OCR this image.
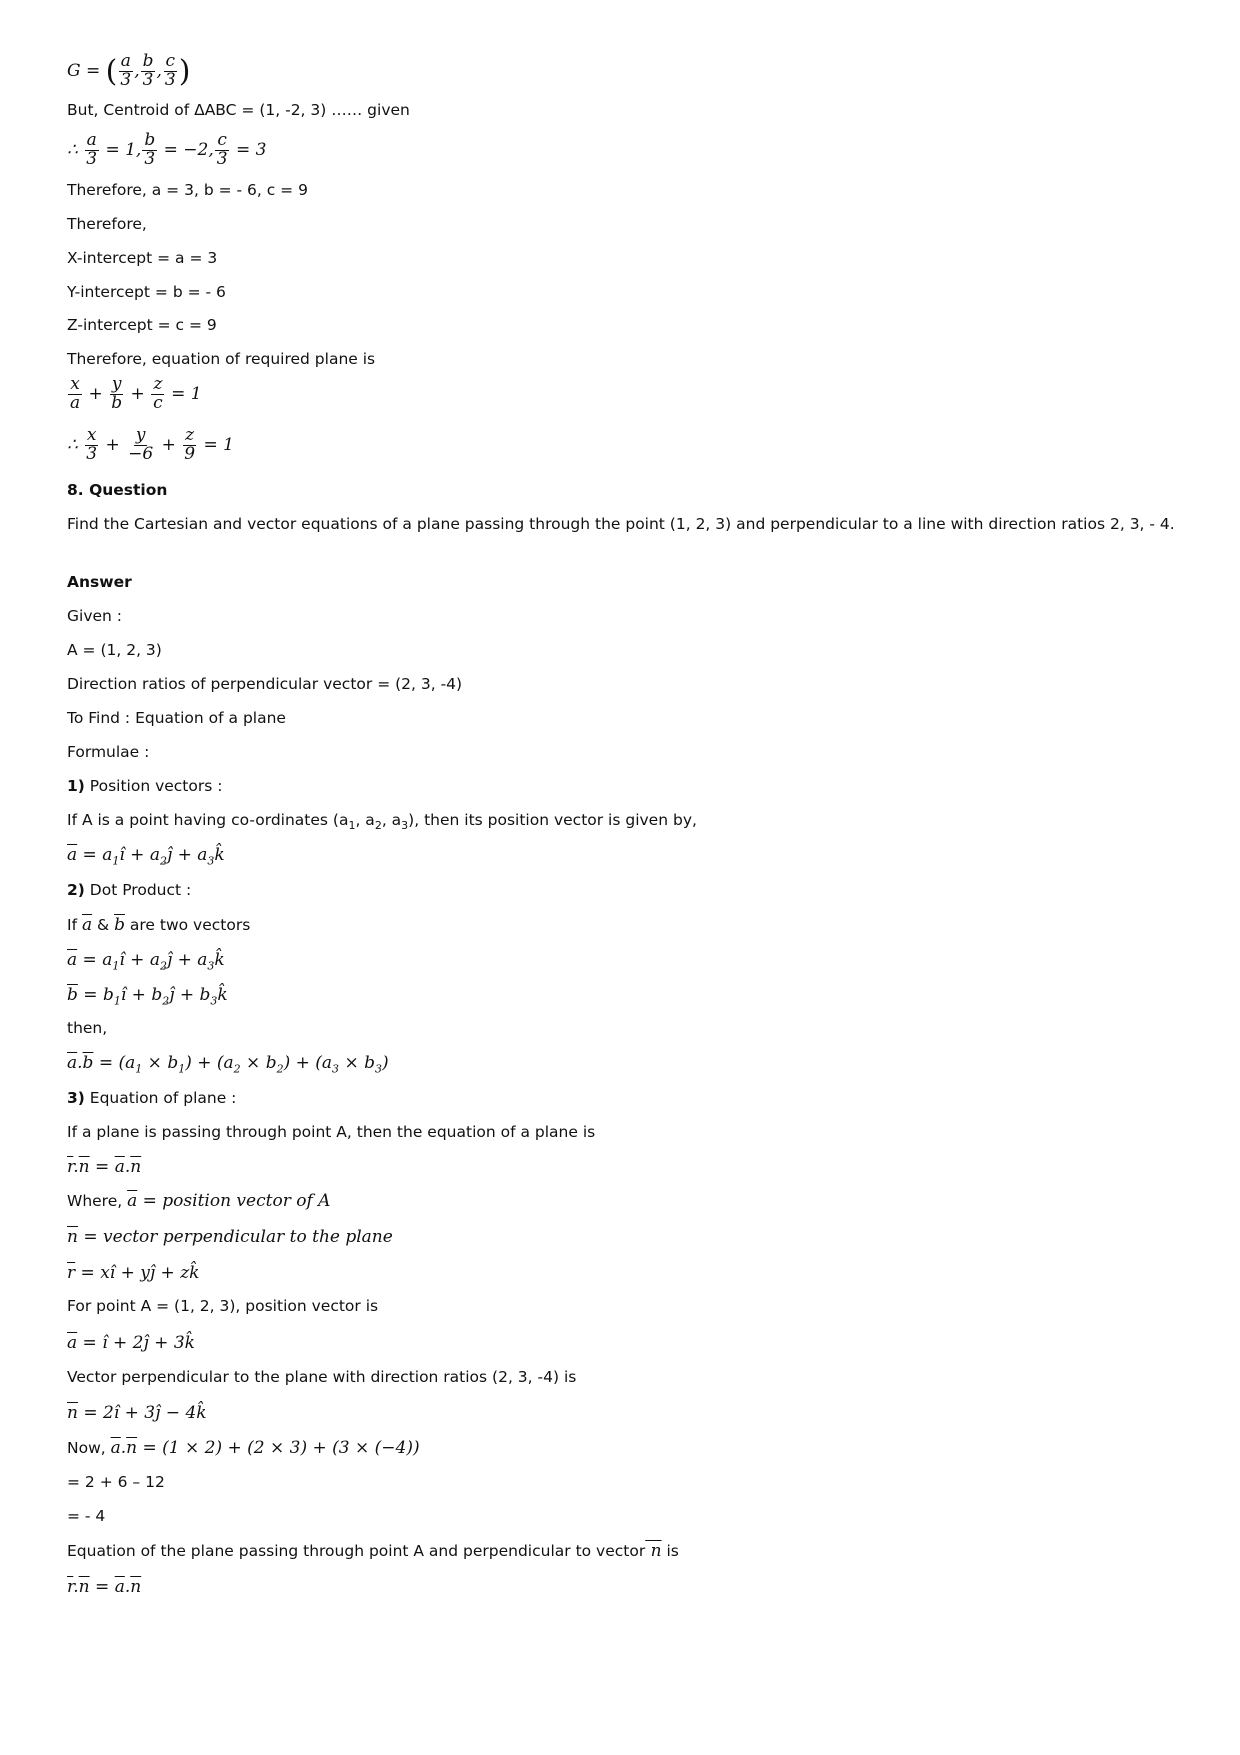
G = ( $\frac{a}{3}$ , $\frac{b}{3}$ , $\frac{c}{3}$ )
But, Centroid of ΔABC = (1, -2, 3) …… given
∴ $\frac{a}{3} = 1$, $\frac{b}{3} = -2$, $\frac{c}{3} = 3$
Therefore, a = 3, b = - 6, c = 9
Therefore,
X-intercept = a = 3
Y-intercept = b = - 6
Z-intercept = c = 9
Therefore, equation of required plane is
$\frac{x}{a} + \frac{y}{b} + \frac{z}{c} = 1$
∴ $\frac{x}{3} + \frac{y}{-6} + \frac{z}{9} = 1$
8. Question
Find the Cartesian and vector equations of a plane passing through the point (1, 2, 3) and perpendicular to a line with direction ratios 2, 3, - 4.
Answer
Given :
A = (1, 2, 3)
Direction ratios of perpendicular vector = (2, 3, -4)
To Find : Equation of a plane
Formulae :
1) Position vectors :
If A is a point having co-ordinates ($a_1$, $a_2$, $a_3$), then its position vector is given by,
$\overline{a}$ = $a_1î$ + $a_2ĵ$ + $a_3k̂$
2) Dot Product :
If $\overline{a}$ & $\overline{b}$ are two vectors
$\overline{a}$ = $a_1î$ + $a_2ĵ$ + $a_3k̂$
$\overline{b}$ = $b_1î$ + $b_2ĵ$ + $b_3k̂$
then,
$\overline{a}.\overline{b} = (a_1 \times b_1) + (a_2 \times b_2) + (a_3 \times b_3)$
3) Equation of plane :
If a plane is passing through point A, then the equation of a plane is
$\overline{r}.\overline{n} = \overline{a}.\overline{n}$
Where, $\overline{a}$ = position vector of A
$\overline{n}$ = vector perpendicular to the plane
$\overline{r}$ = xî + yĵ + zk̂
For point A = (1, 2, 3), position vector is
$\overline{a}$ = î + 2ĵ + 3k̂
Vector perpendicular to the plane with direction ratios (2, 3, -4) is
$\overline{n}$ = 2î + 3ĵ − 4k̂
Now, $\overline{a}.\overline{n} = (1 \times 2) + (2 \times 3) + (3 \times (-4))$
= 2 + 6 – 12
= - 4
Equation of the plane passing through point A and perpendicular to vector n is
$\overline{r}.\overline{n} = \overline{a}.\overline{n}$
